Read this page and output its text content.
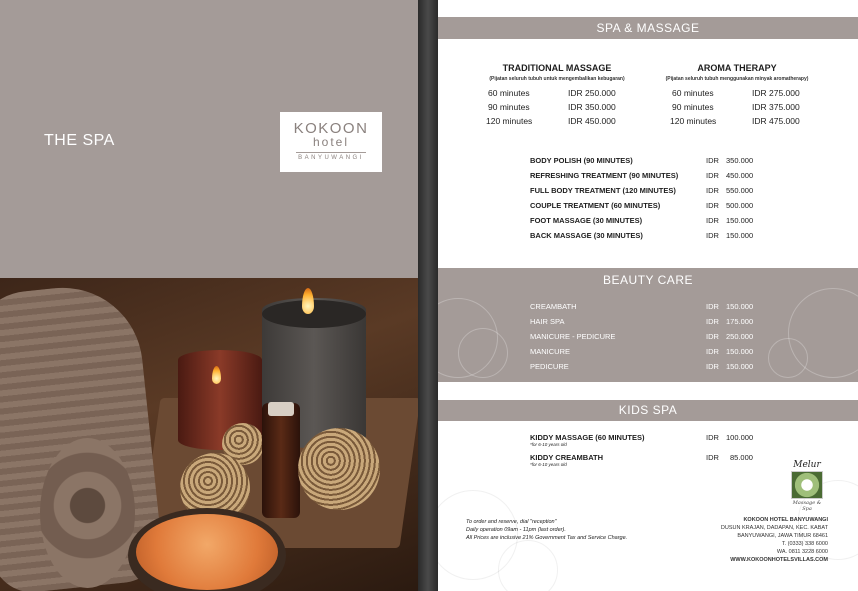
THE SPA
KOKOON
hotel
BANYUWANGI
SPA & MASSAGE
TRADITIONAL MASSAGE
(Pijatan seluruh tubuh untuk mengembalikan kebugaran)
60 minutes	IDR 250.000
90 minutes	IDR 350.000
120 minutes	IDR 450.000
AROMA THERAPY
(Pijatan seluruh tubuh menggunakan minyak aromatherapy)
60 minutes	IDR 275.000
90 minutes	IDR 375.000
120 minutes	IDR 475.000
BODY POLISH (90 MINUTES)	IDR 350.000
REFRESHING TREATMENT (90 MINUTES)	IDR 450.000
FULL BODY TREATMENT (120 MINUTES)	IDR 550.000
COUPLE TREATMENT (60 MINUTES)	IDR 500.000
FOOT MASSAGE (30 MINUTES)	IDR 150.000
BACK MASSAGE (30 MINUTES)	IDR 150.000
BEAUTY CARE
CREAMBATH	IDR 150.000
HAIR SPA	IDR 175.000
MANICURE - PEDICURE	IDR 250.000
MANICURE	IDR 150.000
PEDICURE	IDR 150.000
KIDS SPA
KIDDY MASSAGE (60 MINUTES)
*for 6-10 years old
IDR 100.000
KIDDY CREAMBATH
*for 6-10 years old
IDR 85.000
Melur
Massage & Spa
To order and reserve, dial "reception"
Daily operation 09am - 11pm (last order).
All Prices are inclusive 21% Government Tax and Service Charge.
KOKOON HOTEL BANYUWANGI
DUSUN KRAJAN, DADAPAN, KEC. KABAT
BANYUWANGI, JAWA TIMUR 68461
T. (0333) 338 6000
WA. 0811 3228 6000
WWW.KOKOONHOTELSVILLAS.COM
